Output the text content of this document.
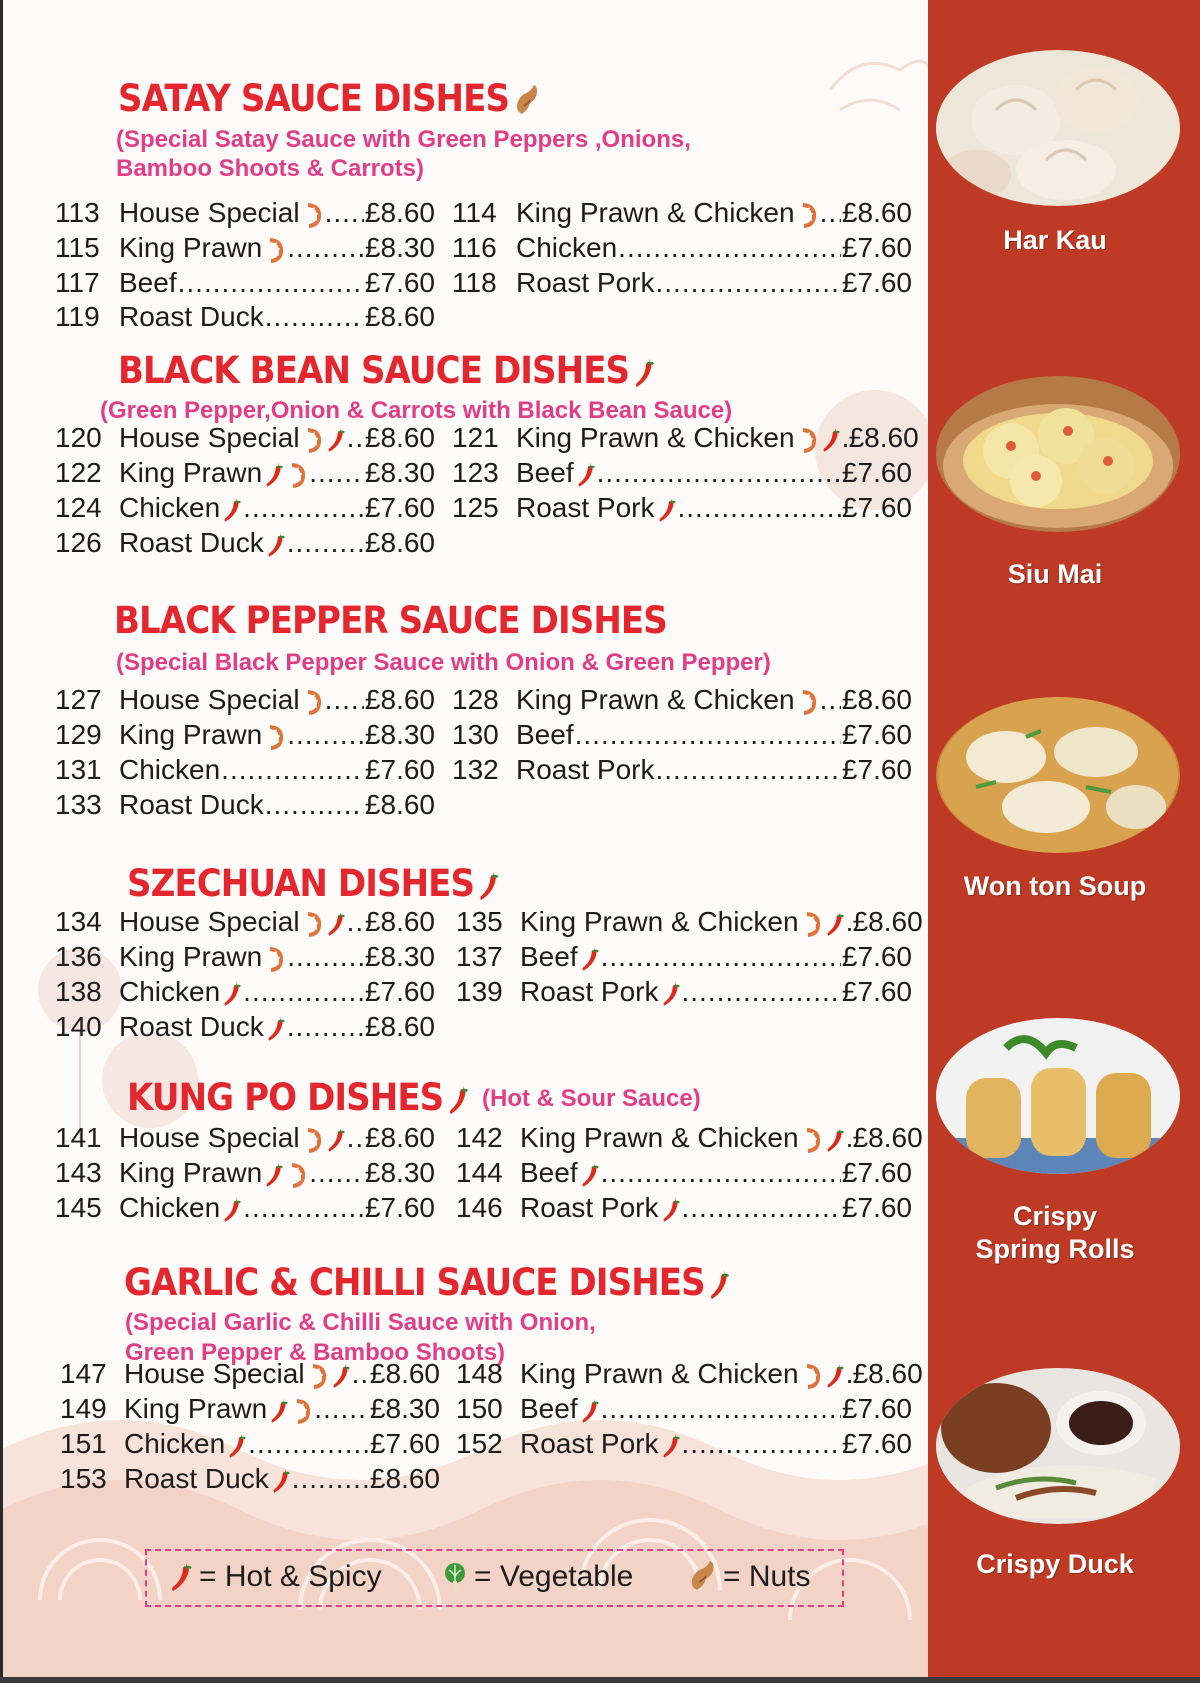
SATAY SAUCE DISHES
(Special Satay Sauce with Green Peppers ,Onions,
Bamboo Shoots & Carrots)
BLACK BEAN SAUCE DISHES
(Green Pepper,Onion & Carrots with Black Bean Sauce)
BLACK PEPPER SAUCE DISHES
(Special Black Pepper Sauce with Onion & Green Pepper)
SZECHUAN DISHES
KUNG PO DISHES	(Hot & Sour Sauce)
GARLIC & CHILLI SAUCE DISHES
(Special Garlic & Chilli Sauce with Onion,
Green Pepper & Bamboo Shoots)
113 House Special ..... £8.60 114 King Prawn & Chicken ..... £8.60
115 King Prawn .....	£8.30 116 Chicken .....	£7.60
117 Beef .....	£7.60 118 Roast Pork .....	£7.60
119 Roast Duck .....	£8.60
120 House Special ..... £8.60 121 King Prawn & Chicken ..... £8.60
122 King Prawn .....	£8.30 123 Beef .....	£7.60
124 Chicken .....	£7.60 125 Roast Pork .....	£7.60
126 Roast Duck .....	£8.60
127 House Special ..... £8.60 128 King Prawn & Chicken ..... £8.60
129 King Prawn .....	£8.30 130 Beef .....	£7.60
131 Chicken .....	£7.60 132 Roast Pork .....	£7.60
133 Roast Duck .....	£8.60
134 House Special ..... £8.60 135 King Prawn & Chicken ..... £8.60
136 King Prawn .....	£8.30 137 Beef .....	£7.60
138 Chicken .....	£7.60 139 Roast Pork .....	£7.60
140 Roast Duck .....	£8.60
141 House Special ..... £8.60 142 King Prawn & Chicken ..... £8.60
143 King Prawn .....	£8.30 144 Beef .....	£7.60
145 Chicken .....	£7.60 146 Roast Pork .....	£7.60
147 House Special ..... £8.60 148 King Prawn & Chicken ..... £8.60
149 King Prawn .....	£8.30 150 Beef .....	£7.60
151 Chicken .....	£7.60 152 Roast Pork .....	£7.60
153 Roast Duck .....	£8.60
= Hot & Spicy	= Vegetable	= Nuts
Har Kau
Siu Mai
Won ton Soup
Crispy
Spring Rolls
Crispy Duck
